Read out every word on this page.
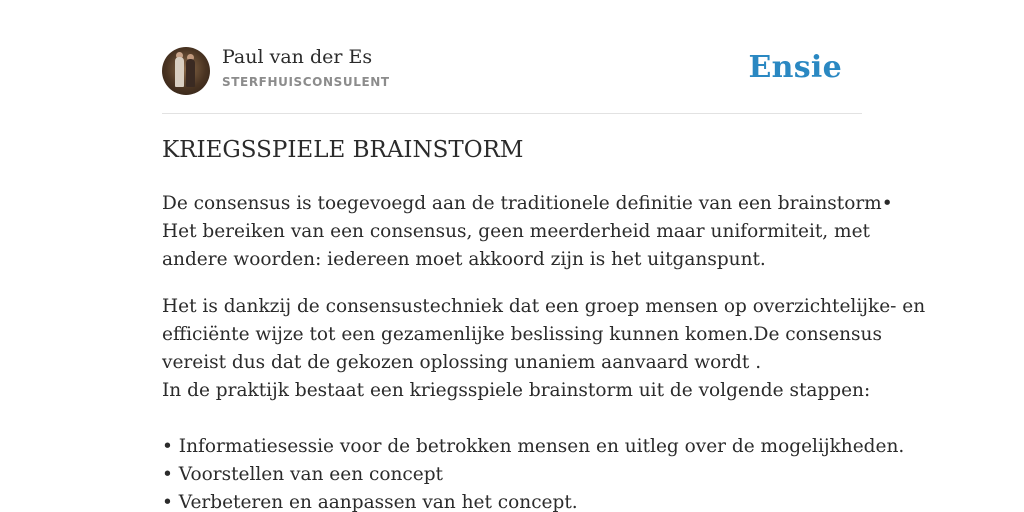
Paul van der Es
STERFHUISCONSULENT	Ensie
KRIEGSSPIELE BRAINSTORM

De consensus is toegevoegd aan de traditionele definitie van een brainstorm•
Het bereiken van een consensus, geen meerderheid maar uniformiteit, met
andere woorden: iedereen moet akkoord zijn is het uitganspunt.

Het is dankzij de consensustechniek dat een groep mensen op overzichtelijke- en
efficiënte wijze tot een gezamenlijke beslissing kunnen komen.De consensus
vereist dus dat de gekozen oplossing unaniem aanvaard wordt .
In de praktijk bestaat een kriegsspiele brainstorm uit de volgende stappen:
• Informatiesessie voor de betrokken mensen en uitleg over de mogelijkheden.
• Voorstellen van een concept
• Verbeteren en aanpassen van het concept.
